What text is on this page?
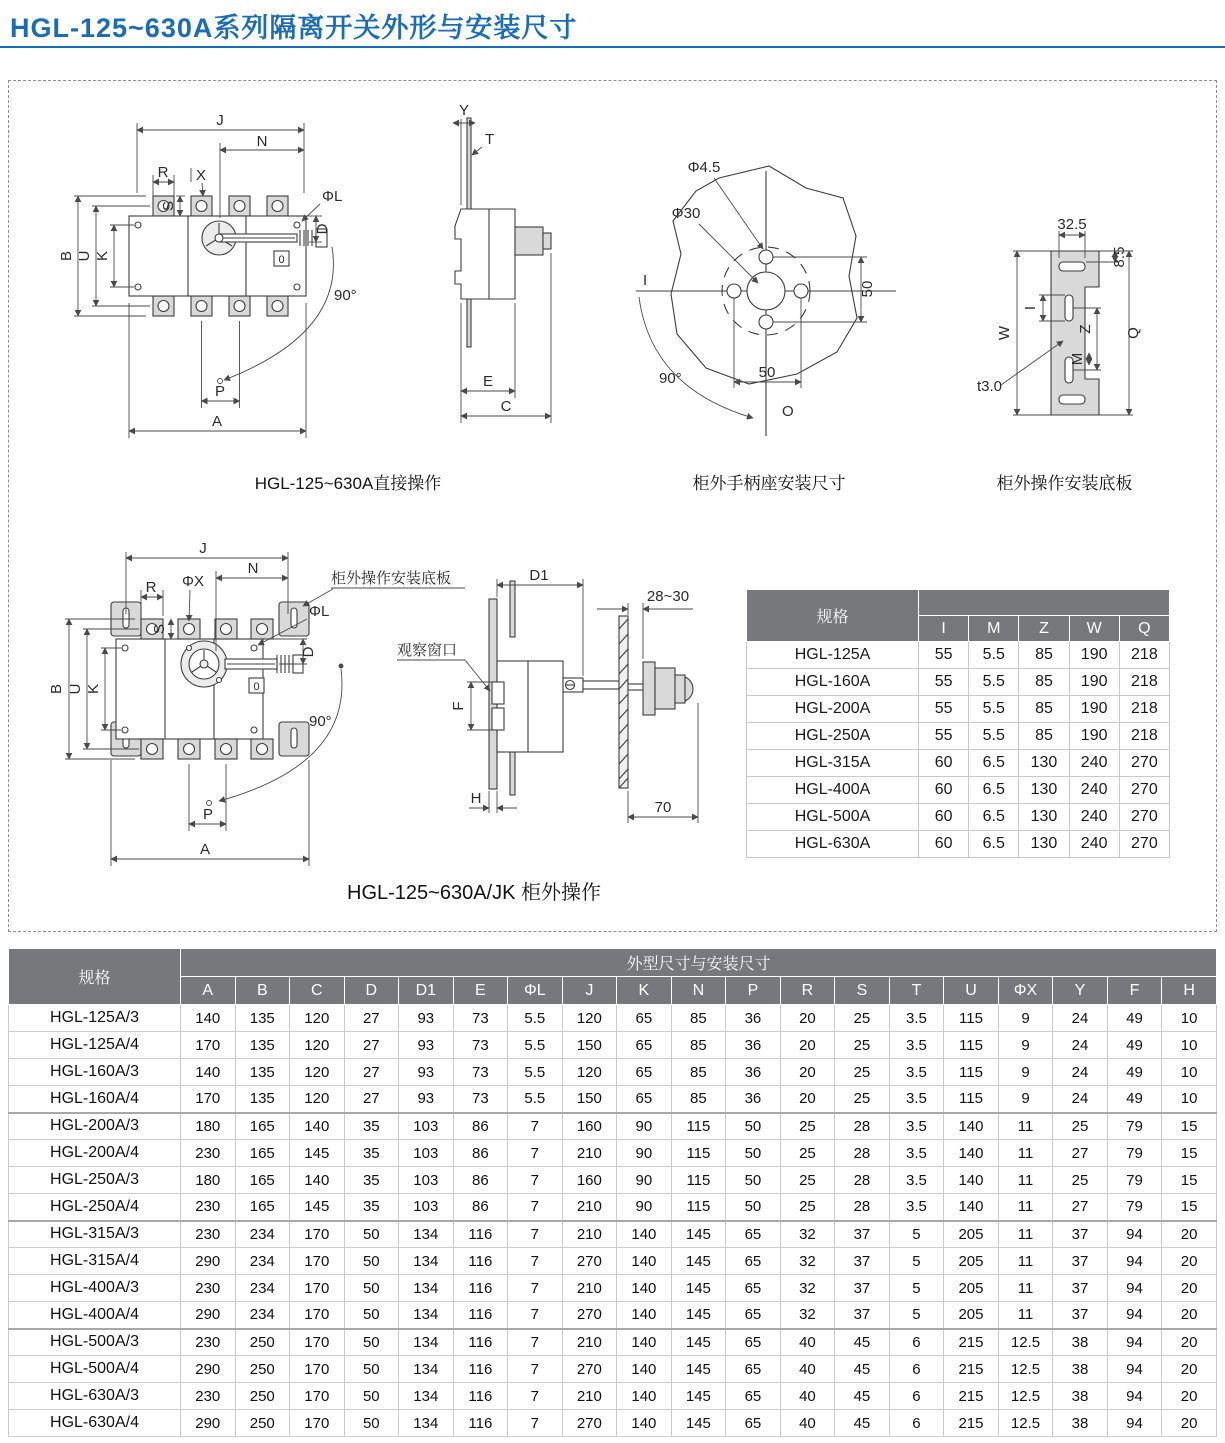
HGL-125~630A系列隔离开关外形与安装尺寸
0
J
N
R X
S
ΦL
D
B U K
P
A
90°
Y
T
E
C
Φ4.5
Φ30
I	50
50
O
90°
32.5
8.5
I
W	Z
M
Q
t3.0
0
柜外操作安装底板
J
N
R ΦX
S
ΦL
D
B U K
P
A
90°
观察窗口
D1
28~30
F
H
70
HGL-125~630A直接操作	柜外手柄座安装尺寸	柜外操作安装底板
HGL-125~630A/JK 柜外操作
规格					
	I	M	Z	W	Q
HGL-125A	55	5.5	85	190	218
HGL-160A	55	5.5	85	190	218
HGL-200A	55	5.5	85	190	218
HGL-250A	55	5.5	85	190	218
HGL-315A	60	6.5	130	240	270
HGL-400A	60	6.5	130	240	270
HGL-500A	60	6.5	130	240	270
HGL-630A	60	6.5	130	240	270
规格	外型尺寸与安装尺寸																		
	A	B	C	D	D1	E	ΦL	J	K	N	P	R	S	T	U	ΦX	Y	F	H
HGL-125A/3	140	135	120	27	93	73	5.5	120	65	85	36	20	25	3.5	115	9	24	49	10
HGL-125A/4	170	135	120	27	93	73	5.5	150	65	85	36	20	25	3.5	115	9	24	49	10
HGL-160A/3	140	135	120	27	93	73	5.5	120	65	85	36	20	25	3.5	115	9	24	49	10
HGL-160A/4	170	135	120	27	93	73	5.5	150	65	85	36	20	25	3.5	115	9	24	49	10
HGL-200A/3	180	165	140	35	103	86	7	160	90	115	50	25	28	3.5	140	11	25	79	15
HGL-200A/4	230	165	145	35	103	86	7	210	90	115	50	25	28	3.5	140	11	27	79	15
HGL-250A/3	180	165	140	35	103	86	7	160	90	115	50	25	28	3.5	140	11	25	79	15
HGL-250A/4	230	165	145	35	103	86	7	210	90	115	50	25	28	3.5	140	11	27	79	15
HGL-315A/3	230	234	170	50	134	116	7	210	140	145	65	32	37	5	205	11	37	94	20
HGL-315A/4	290	234	170	50	134	116	7	270	140	145	65	32	37	5	205	11	37	94	20
HGL-400A/3	230	234	170	50	134	116	7	210	140	145	65	32	37	5	205	11	37	94	20
HGL-400A/4	290	234	170	50	134	116	7	270	140	145	65	32	37	5	205	11	37	94	20
HGL-500A/3	230	250	170	50	134	116	7	210	140	145	65	40	45	6	215	12.5	38	94	20
HGL-500A/4	290	250	170	50	134	116	7	270	140	145	65	40	45	6	215	12.5	38	94	20
HGL-630A/3	230	250	170	50	134	116	7	210	140	145	65	40	45	6	215	12.5	38	94	20
HGL-630A/4	290	250	170	50	134	116	7	270	140	145	65	40	45	6	215	12.5	38	94	20
